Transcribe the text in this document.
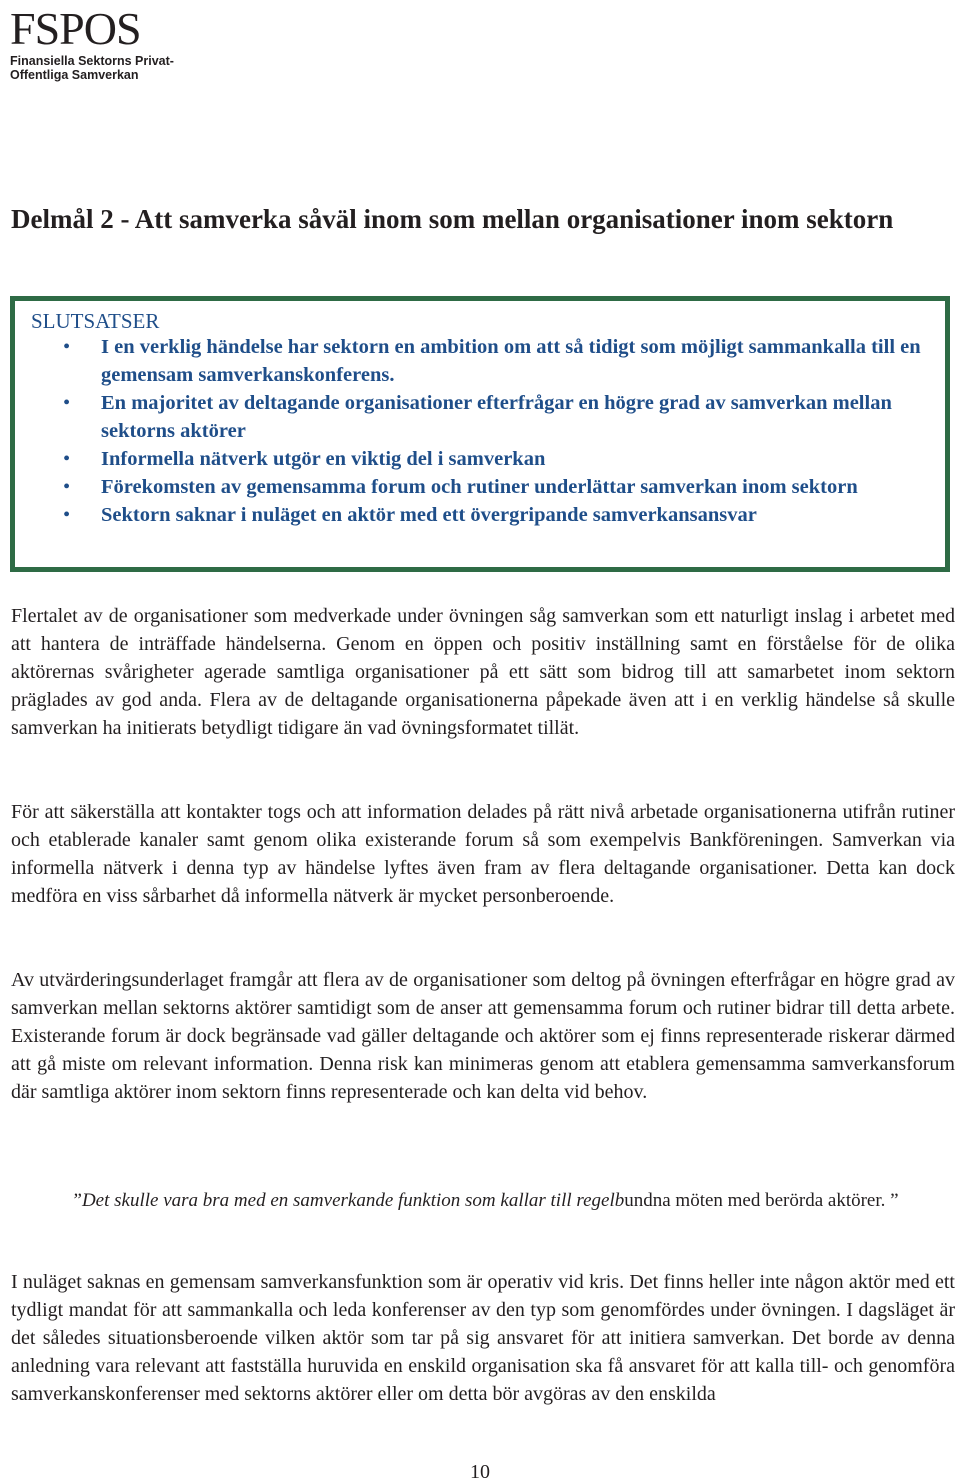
FSPOS
Finansiella Sektorns Privat-
Offentliga Samverkan
Delmål 2 - Att samverka såväl inom som mellan organisationer inom sektorn
SLUTSATSER
• I en verklig händelse har sektorn en ambition om att så tidigt som möjligt sammankalla till en gemensam samverkanskonferens.
• En majoritet av deltagande organisationer efterfrågar en högre grad av samverkan mellan sektorns aktörer
• Informella nätverk utgör en viktig del i samverkan
• Förekomsten av gemensamma forum och rutiner underlättar samverkan inom sektorn
• Sektorn saknar i nuläget en aktör med ett övergripande samverkansansvar

Flertalet av de organisationer som medverkade under övningen såg samverkan som ett naturligt inslag i arbetet med att hantera de inträffade händelserna. Genom en öppen och positiv inställning samt en förståelse för de olika aktörernas svårigheter agerade samtliga organisationer på ett sätt som bidrog till att samarbetet inom sektorn präglades av god anda. Flera av de deltagande organisationerna påpekade även att i en verklig händelse så skulle samverkan ha initierats betydligt tidigare än vad övningsformatet tillät.

För att säkerställa att kontakter togs och att information delades på rätt nivå arbetade organisationerna utifrån rutiner och etablerade kanaler samt genom olika existerande forum så som exempelvis Bankföreningen. Samverkan via informella nätverk i denna typ av händelse lyftes även fram av flera deltagande organisationer. Detta kan dock medföra en viss sårbarhet då informella nätverk är mycket personberoende.

Av utvärderingsunderlaget framgår att flera av de organisationer som deltog på övningen efterfrågar en högre grad av samverkan mellan sektorns aktörer samtidigt som de anser att gemensamma forum och rutiner bidrar till detta arbete. Existerande forum är dock begränsade vad gäller deltagande och aktörer som ej finns representerade riskerar därmed att gå miste om relevant information. Denna risk kan minimeras genom att etablera gemensamma samverkansforum där samtliga aktörer inom sektorn finns representerade och kan delta vid behov.

”Det skulle vara bra med en samverkande funktion som kallar till regelbundna möten med berörda aktörer. ”

I nuläget saknas en gemensam samverkansfunktion som är operativ vid kris. Det finns heller inte någon aktör med ett tydligt mandat för att sammankalla och leda konferenser av den typ som genomfördes under övningen. I dagsläget är det således situationsberoende vilken aktör som tar på sig ansvaret för att initiera samverkan. Det borde av denna anledning vara relevant att fastställa huruvida en enskild organisation ska få ansvaret för att kalla till- och genomföra samverkanskonferenser med sektorns aktörer eller om detta bör avgöras av den enskilda

10
